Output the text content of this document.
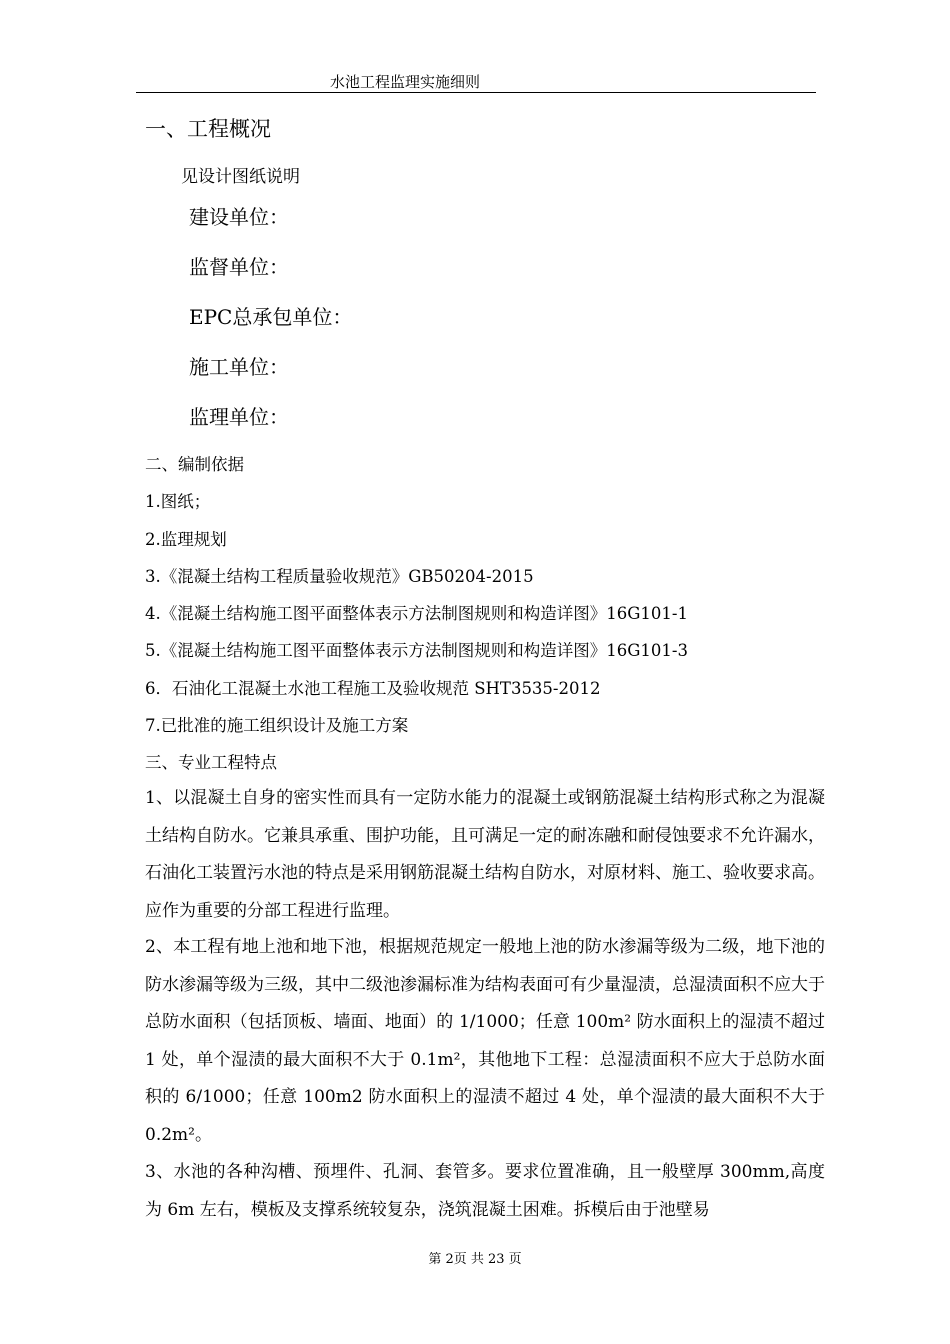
水池工程监理实施细则
一、工程概况
见设计图纸说明
建设单位：
监督单位：
EPC总承包单位：
施工单位：
监理单位：
二、编制依据
1.图纸；
2.监理规划
3.《混凝土结构工程质量验收规范》GB50204-2015
4.《混凝土结构施工图平面整体表示方法制图规则和构造详图》16G101-1
5.《混凝土结构施工图平面整体表示方法制图规则和构造详图》16G101-3
6．石油化工混凝土水池工程施工及验收规范 SHT3535-2012
7.已批准的施工组织设计及施工方案
三、专业工程特点
1、以混凝土自身的密实性而具有一定防水能力的混凝土或钢筋混凝土结构形式称之为混凝土结构自防水。它兼具承重、围护功能，且可满足一定的耐冻融和耐侵蚀要求不允许漏水，石油化工装置污水池的特点是采用钢筋混凝土结构自防水，对原材料、施工、验收要求高。应作为重要的分部工程进行监理。
2、本工程有地上池和地下池，根据规范规定一般地上池的防水渗漏等级为二级，地下池的防水渗漏等级为三级，其中二级池渗漏标准为结构表面可有少量湿渍，总湿渍面积不应大于总防水面积（包括顶板、墙面、地面）的 1/1000；任意 100m² 防水面积上的湿渍不超过 1 处，单个湿渍的最大面积不大于 0.1m²，其他地下工程：总湿渍面积不应大于总防水面积的 6/1000；任意 100m2 防水面积上的湿渍不超过 4 处，单个湿渍的最大面积不大于 0.2m²。
3、水池的各种沟槽、预埋件、孔洞、套管多。要求位置准确，且一般壁厚 300mm,高度为 6m 左右，模板及支撑系统较复杂，浇筑混凝土困难。拆模后由于池壁易
第 2页 共 23 页
